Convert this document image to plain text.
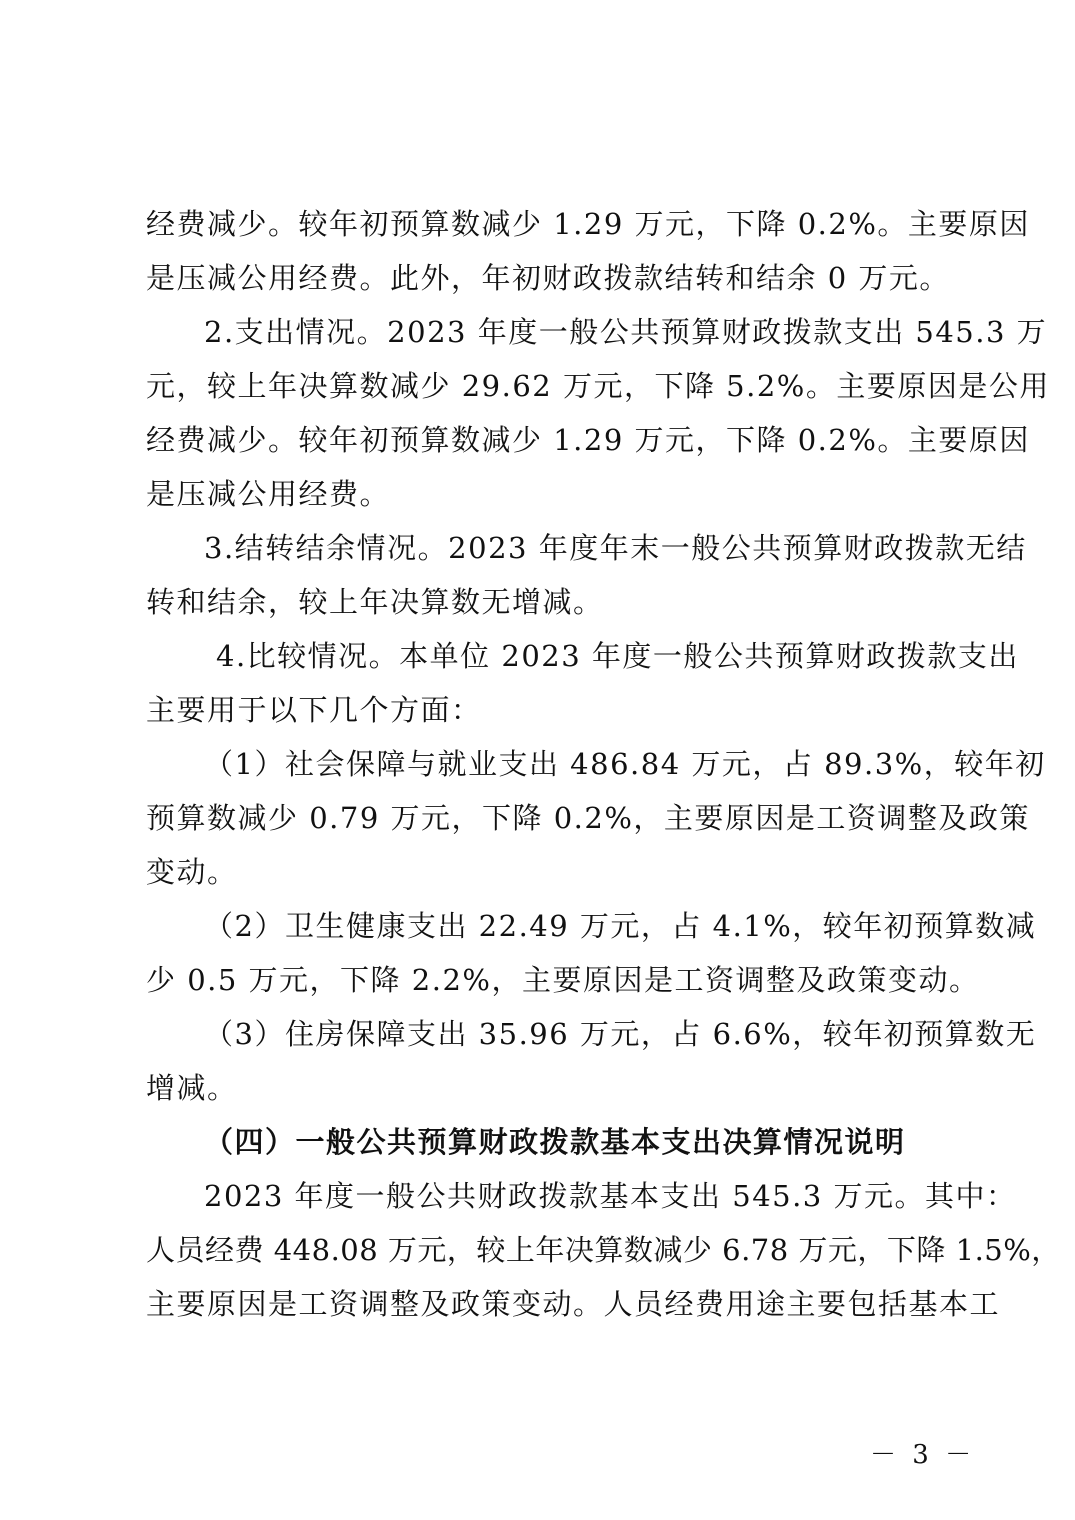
经费减少。较年初预算数减少 1.29 万元，下降 0.2%。主要原因
是压减公用经费。此外，年初财政拨款结转和结余 0 万元。
2.支出情况。2023 年度一般公共预算财政拨款支出 545.3 万
元，较上年决算数减少 29.62 万元，下降 5.2%。主要原因是公用
经费减少。较年初预算数减少 1.29 万元，下降 0.2%。主要原因
是压减公用经费。
3.结转结余情况。2023 年度年末一般公共预算财政拨款无结
转和结余，较上年决算数无增减。
4.比较情况。本单位 2023 年度一般公共预算财政拨款支出
主要用于以下几个方面：
（1）社会保障与就业支出 486.84 万元，占 89.3%，较年初
预算数减少 0.79 万元，下降 0.2%，主要原因是工资调整及政策
变动。
（2）卫生健康支出 22.49 万元，占 4.1%，较年初预算数减
少 0.5 万元，下降 2.2%，主要原因是工资调整及政策变动。
（3）住房保障支出 35.96 万元，占 6.6%，较年初预算数无
增减。
（四）一般公共预算财政拨款基本支出决算情况说明
2023 年度一般公共财政拨款基本支出 545.3 万元。其中：
人员经费 448.08 万元，较上年决算数减少 6.78 万元，下降 1.5%，
主要原因是工资调整及政策变动。人员经费用途主要包括基本工
－ 3 －
